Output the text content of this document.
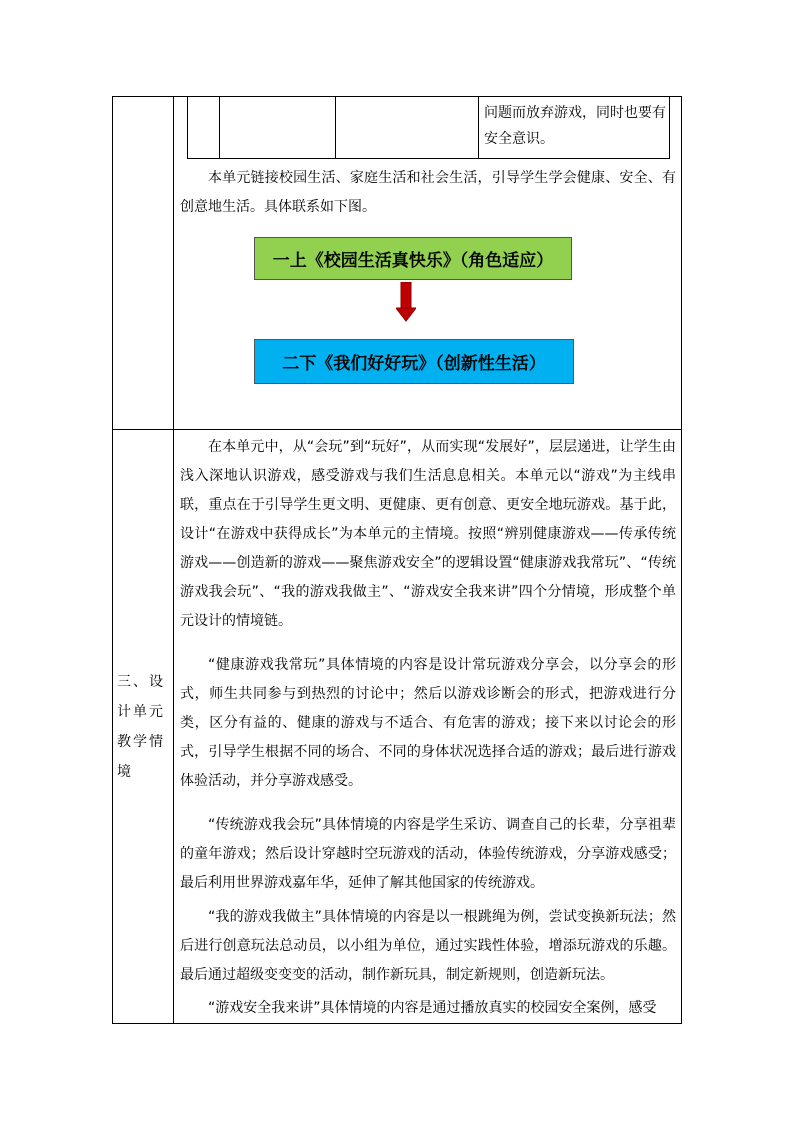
问题而放弃游戏，同时也要有安全意识。

本单元链接校园生活、家庭生活和社会生活，引导学生学会健康、安全、有创意地生活。具体联系如下图。

一上《校园生活真快乐》（角色适应）
二下《我们好好玩》（创新性生活）
三、设计单元教学情境

在本单元中，从“会玩”到“玩好”，从而实现“发展好”，层层递进，让学生由浅入深地认识游戏，感受游戏与我们生活息息相关。本单元以“游戏”为主线串联，重点在于引导学生更文明、更健康、更有创意、更安全地玩游戏。基于此，设计“在游戏中获得成长”为本单元的主情境。按照“辨别健康游戏——传承传统游戏——创造新的游戏——聚焦游戏安全”的逻辑设置“健康游戏我常玩”、“传统游戏我会玩”、“我的游戏我做主”、“游戏安全我来讲”四个分情境，形成整个单元设计的情境链。

“健康游戏我常玩”具体情境的内容是设计常玩游戏分享会，以分享会的形式，师生共同参与到热烈的讨论中；然后以游戏诊断会的形式，把游戏进行分类，区分有益的、健康的游戏与不适合、有危害的游戏；接下来以讨论会的形式，引导学生根据不同的场合、不同的身体状况选择合适的游戏；最后进行游戏体验活动，并分享游戏感受。

“传统游戏我会玩”具体情境的内容是学生采访、调查自己的长辈，分享祖辈的童年游戏；然后设计穿越时空玩游戏的活动，体验传统游戏，分享游戏感受；最后利用世界游戏嘉年华，延伸了解其他国家的传统游戏。

“我的游戏我做主”具体情境的内容是以一根跳绳为例，尝试变换新玩法；然后进行创意玩法总动员，以小组为单位，通过实践性体验，增添玩游戏的乐趣。最后通过超级变变变的活动，制作新玩具，制定新规则，创造新玩法。

“游戏安全我来讲”具体情境的内容是通过播放真实的校园安全案例，感受
